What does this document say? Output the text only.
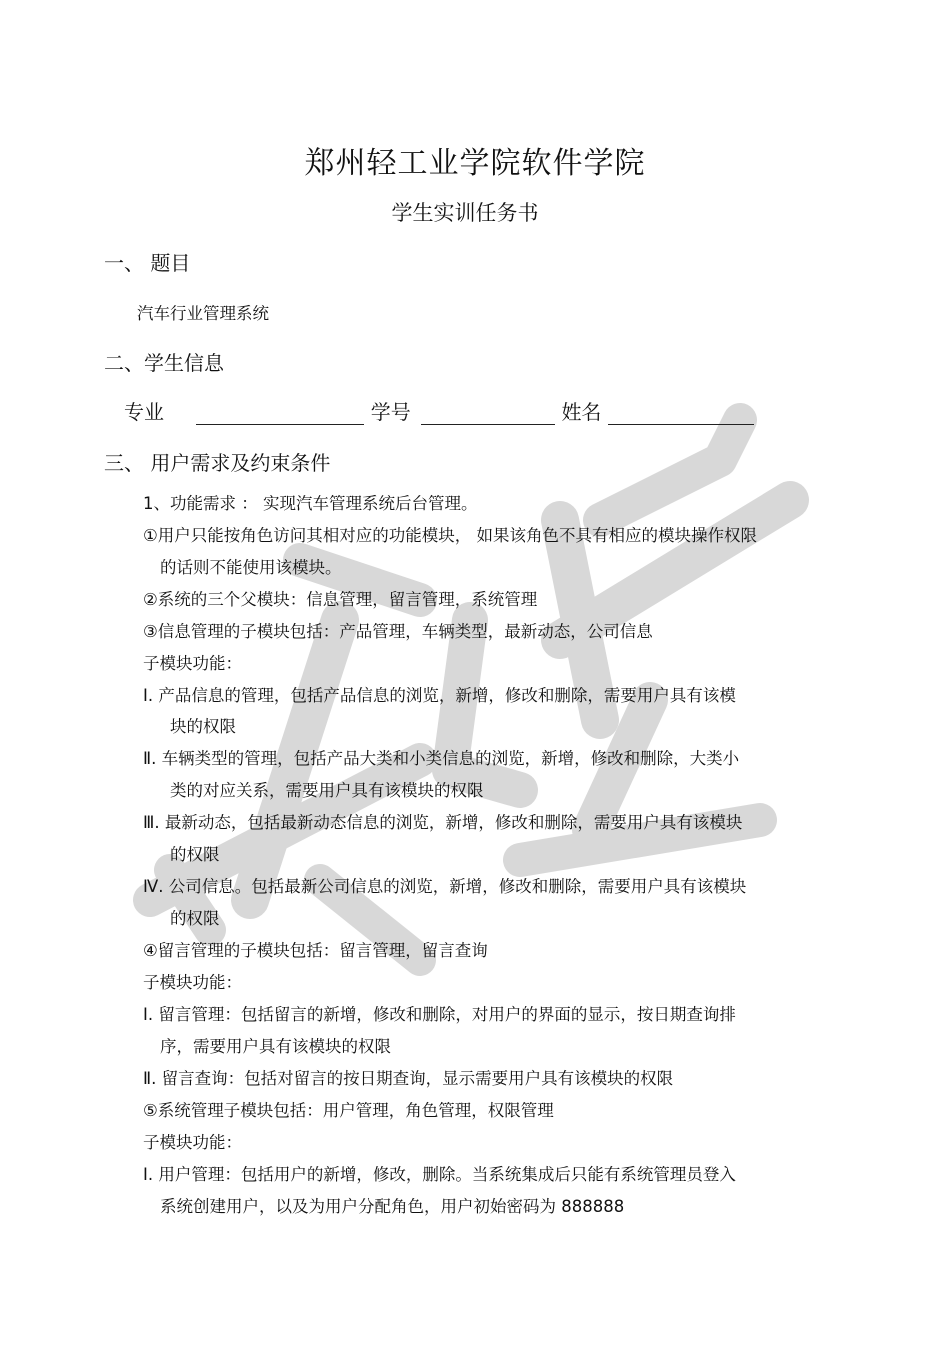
郑州轻工业学院软件学院
学生实训任务书
一、 题目
汽车行业管理系统
二、学生信息
专业	学号	姓名
三、 用户需求及约束条件
1、功能需求 ： 实现汽车管理系统后台管理。
①用户只能按角色访问其相对应的功能模块， 如果该角色不具有相应的模块操作权限
的话则不能使用该模块。
②系统的三个父模块：信息管理，留言管理，系统管理
③信息管理的子模块包括：产品管理，车辆类型，最新动态，公司信息
子模块功能：
Ⅰ. 产品信息的管理，包括产品信息的浏览，新增，修改和删除，需要用户具有该模
块的权限
Ⅱ. 车辆类型的管理，包括产品大类和小类信息的浏览，新增，修改和删除，大类小
类的对应关系，需要用户具有该模块的权限
Ⅲ. 最新动态，包括最新动态信息的浏览，新增，修改和删除，需要用户具有该模块
的权限
Ⅳ. 公司信息。包括最新公司信息的浏览，新增，修改和删除，需要用户具有该模块
的权限
④留言管理的子模块包括：留言管理，留言查询
子模块功能：
Ⅰ. 留言管理：包括留言的新增，修改和删除，对用户的界面的显示，按日期查询排
序，需要用户具有该模块的权限
Ⅱ. 留言查询：包括对留言的按日期查询，显示需要用户具有该模块的权限
⑤系统管理子模块包括：用户管理，角色管理，权限管理
子模块功能：
Ⅰ. 用户管理：包括用户的新增，修改，删除。当系统集成后只能有系统管理员登入
系统创建用户，以及为用户分配角色，用户初始密码为 888888
